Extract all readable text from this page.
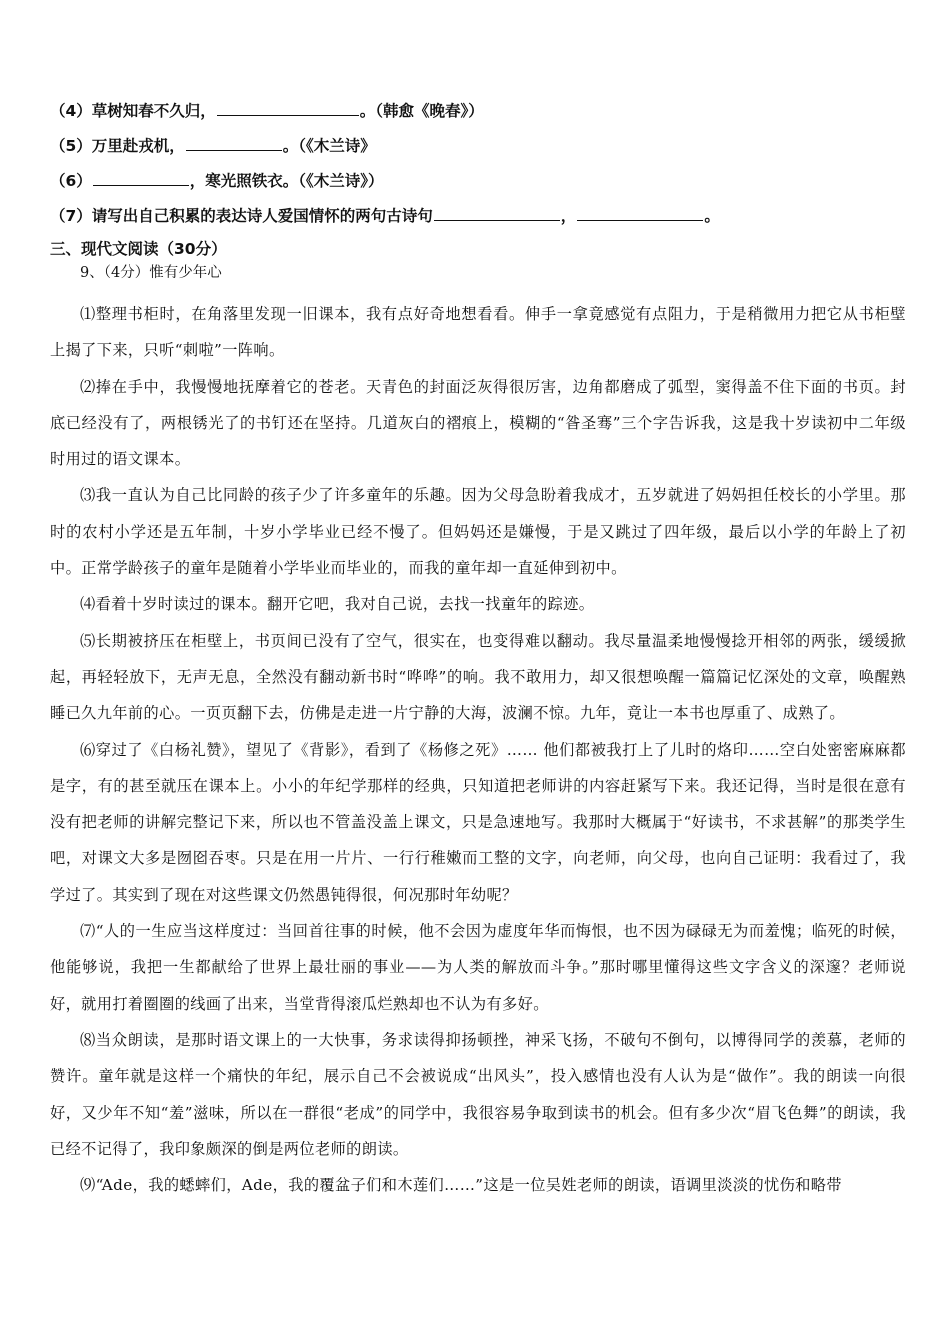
（4）草树知春不久归，	。（韩愈《晚春》）
（5）万里赴戎机，	。（《木兰诗》
（6）	，寒光照铁衣。（《木兰诗》）
（7）请写出自己积累的表达诗人爱国情怀的两句古诗句	，	。
三、现代文阅读（30分）
9、（4分）惟有少年心

⑴整理书柜时，在角落里发现一旧课本，我有点好奇地想看看。伸手一拿竟感觉有点阻力，于是稍微用力把它从书柜壁上揭了下来，只听“刺啦”一阵响。

⑵捧在手中，我慢慢地抚摩着它的苍老。天青色的封面泛灰得很厉害，边角都磨成了弧型，窦得盖不住下面的书页。封底已经没有了，两根锈光了的书钉还在坚持。几道灰白的褶痕上，模糊的“昝圣骞”三个字告诉我，这是我十岁读初中二年级时用过的语文课本。

⑶我一直认为自己比同龄的孩子少了许多童年的乐趣。因为父母急盼着我成才，五岁就进了妈妈担任校长的小学里。那时的农村小学还是五年制，十岁小学毕业已经不慢了。但妈妈还是嫌慢，于是又跳过了四年级，最后以小学的年龄上了初中。正常学龄孩子的童年是随着小学毕业而毕业的，而我的童年却一直延伸到初中。

⑷看着十岁时读过的课本。翻开它吧，我对自己说，去找一找童年的踪迹。

⑸长期被挤压在柜壁上，书页间已没有了空气，很实在，也变得难以翻动。我尽量温柔地慢慢捻开相邻的两张，缓缓掀起，再轻轻放下，无声无息，全然没有翻动新书时“哗哗”的响。我不敢用力，却又很想唤醒一篇篇记忆深处的文章，唤醒熟睡已久九年前的心。一页页翻下去，仿佛是走进一片宁静的大海，波澜不惊。九年，竟让一本书也厚重了、成熟了。

⑹穿过了《白杨礼赞》，望见了《背影》，看到了《杨修之死》…… 他们都被我打上了儿时的烙印……空白处密密麻麻都是字，有的甚至就压在课本上。小小的年纪学那样的经典，只知道把老师讲的内容赶紧写下来。我还记得，当时是很在意有没有把老师的讲解完整记下来，所以也不管盖没盖上课文，只是急速地写。我那时大概属于“好读书，不求甚解”的那类学生吧，对课文大多是囫囵吞枣。只是在用一片片、一行行稚嫩而工整的文字，向老师，向父母，也向自己证明：我看过了，我学过了。其实到了现在对这些课文仍然愚钝得很，何况那时年幼呢？

⑺“人的一生应当这样度过：当回首往事的时候，他不会因为虚度年华而悔恨，也不因为碌碌无为而羞愧；临死的时候，他能够说，我把一生都献给了世界上最壮丽的事业——为人类的解放而斗争。”那时哪里懂得这些文字含义的深邃？老师说好，就用打着圈圈的线画了出来，当堂背得滚瓜烂熟却也不认为有多好。

⑻当众朗读，是那时语文课上的一大快事，务求读得抑扬顿挫，神采飞扬，不破句不倒句，以博得同学的羡慕，老师的赞许。童年就是这样一个痛快的年纪，展示自己不会被说成“出风头”，投入感情也没有人认为是“做作”。我的朗读一向很好，又少年不知“羞”滋味，所以在一群很“老成”的同学中，我很容易争取到读书的机会。但有多少次“眉飞色舞”的朗读，我已经不记得了，我印象颇深的倒是两位老师的朗读。

⑼“Ade，我的蟋蟀们，Ade，我的覆盆子们和木莲们……”这是一位吴姓老师的朗读，语调里淡淡的忧伤和略带
